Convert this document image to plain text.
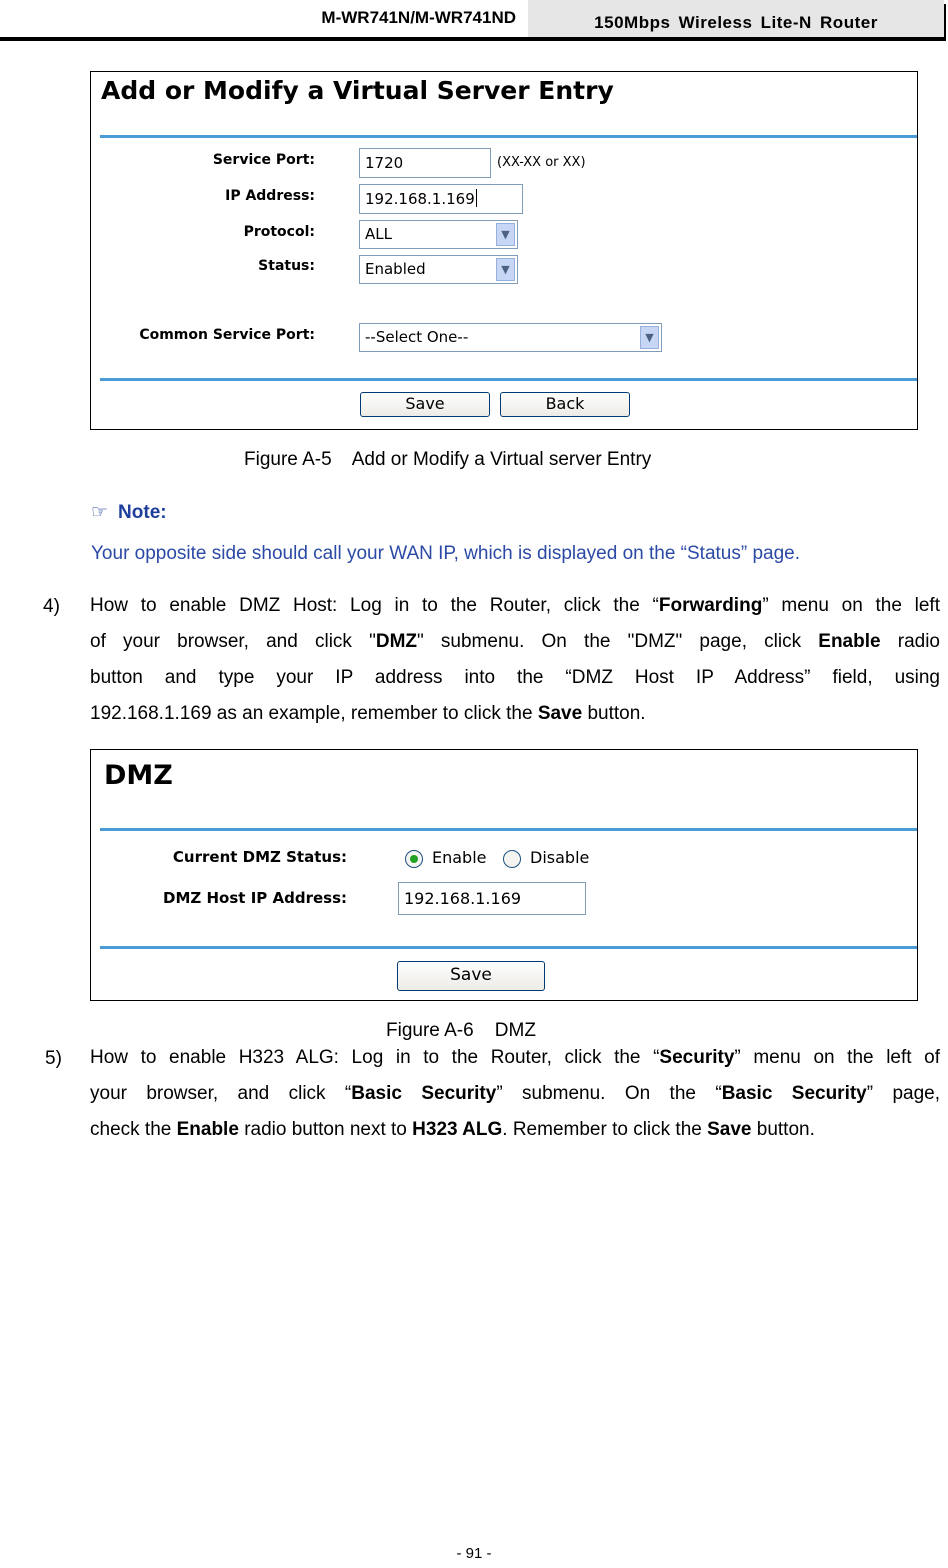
M-WR741N/M-WR741ND	150Mbps Wireless Lite-N Router
Add or Modify a Virtual Server Entry
Service Port:	1720	(XX-XX or XX)
IP Address:	192.168.1.169
Protocol:	ALL	▼
Status:	Enabled	▼
Common Service Port:	--Select One--	▼
Save	Back
Figure A-5    Add or Modify a Virtual server Entry
☞ Note:
Your opposite side should call your WAN IP, which is displayed on the “Status” page.
4) How to enable DMZ Host: Log in to the Router, click the “Forwarding” menu on the left
of your browser, and click "DMZ" submenu. On the "DMZ" page, click Enable radio
button and type your IP address into the “DMZ Host IP Address” field, using
192.168.1.169 as an example, remember to click the Save button.
DMZ
Current DMZ Status:	Enable	Disable
DMZ Host IP Address:	192.168.1.169
Save
Figure A-6    DMZ
5) How to enable H323 ALG: Log in to the Router, click the “Security” menu on the left of
your browser, and click “Basic Security” submenu. On the “Basic Security” page,
check the Enable radio button next to H323 ALG. Remember to click the Save button.
- 91 -
